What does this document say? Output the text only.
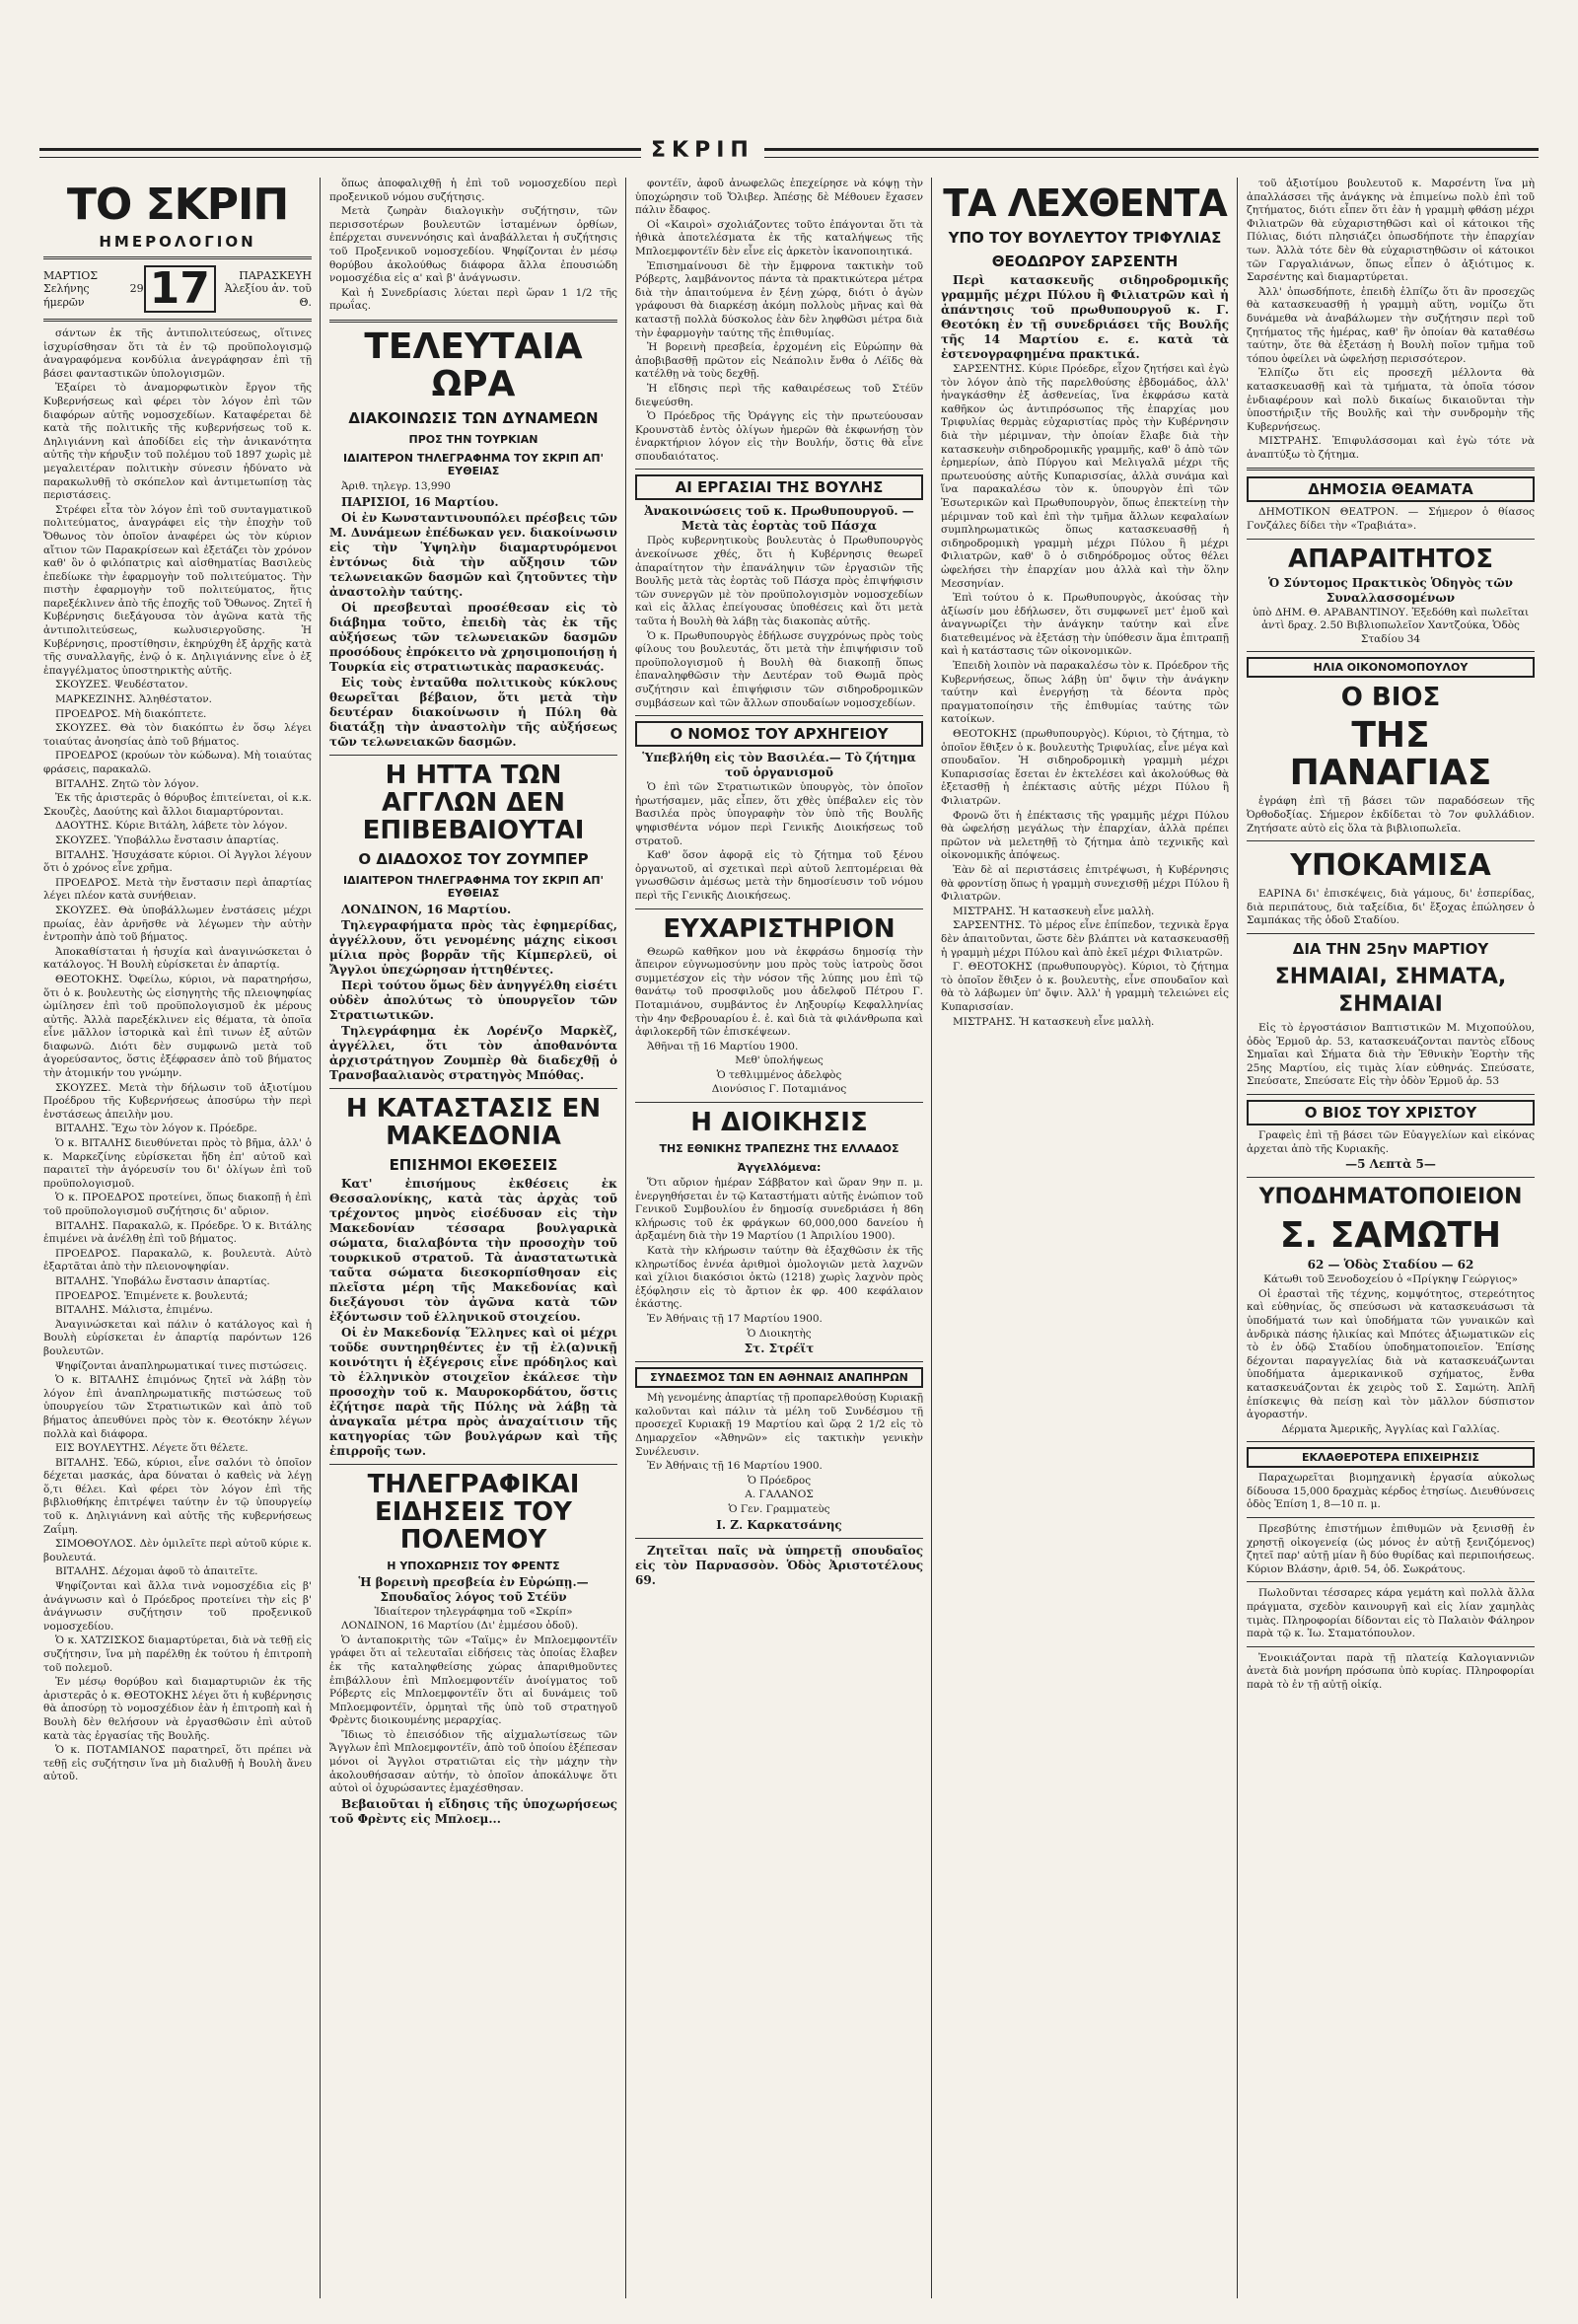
ΣΚΡΙΠ
ΤΟ ΣΚΡΙΠ
ΗΜΕΡΟΛΟΓΙΟΝ
ΜΑΡΤΙΟΣ
Σελήνης 29 ήμερῶν	17	ΠΑΡΑΣΚΕΥΗ
Ἀλεξίου ἀν. τοῦ Θ.

σάντων ἐκ τῆς ἀντιπολιτεύσεως, οἵτινες ἰσχυρίσθησαν ὅτι τὰ ἐν τῷ προϋπολογισμῷ ἀναγραφόμενα κονδύλια ἀνεγράφησαν ἐπὶ τῇ βάσει φανταστικῶν ὑπολογισμῶν.

Ἐξαίρει τὸ ἀναμορφωτικὸν ἔργον τῆς Κυβερνήσεως καὶ φέρει τὸν λόγον ἐπὶ τῶν διαφόρων αὐτῆς νομοσχεδίων. Καταφέρεται δὲ κατὰ τῆς πολιτικῆς τῆς κυβερνήσεως τοῦ κ. Δηλιγιάννη καὶ ἀποδίδει εἰς τὴν ἀνικανότητα αὐτῆς τὴν κήρυξιν τοῦ πολέμου τοῦ 1897 χωρὶς μὲ μεγαλειτέραν πολιτικὴν σύνεσιν ἠδύνατο νὰ παρακωλυθῇ τὸ σκόπελον καὶ ἀντιμετωπίσῃ τὰς περιστάσεις.

Στρέφει εἶτα τὸν λόγον ἐπὶ τοῦ συνταγματικοῦ πολιτεύματος, ἀναγράφει εἰς τὴν ἐποχὴν τοῦ Ὄθωνος τὸν ὁποῖον ἀναφέρει ὡς τὸν κύριον αἴτιον τῶν Παρακρίσεων καὶ ἐξετάζει τὸν χρόνον καθ' ὃν ὁ φιλόπατρις καὶ αἰσθηματίας Βασιλεὺς ἐπεδίωκε τὴν ἐφαρμογὴν τοῦ πολιτεύματος. Τὴν πιστὴν ἐφαρμογὴν τοῦ πολιτεύματος, ἥτις παρεξέκλινεν ἀπὸ τῆς ἐποχῆς τοῦ Ὄθωνος. Ζητεῖ ἡ Κυβέρνησις διεξάγουσα τὸν ἀγῶνα κατὰ τῆς ἀντιπολιτεύσεως, κωλυσιεργοῦσης. Ἡ Κυβέρνησις, προστίθησιν, ἐκηρύχθη ἐξ ἀρχῆς κατὰ τῆς συναλλαγῆς, ἐνῷ ὁ κ. Δηλιγιάννης εἶνε ὁ ἐξ ἐπαγγέλματος ὑποστηρικτὴς αὐτῆς.

ΣΚΟΥΖΕΣ. Ψευδέστατον.

ΜΑΡΚΕΖΙΝΗΣ. Ἀληθέστατον.

ΠΡΟΕΔΡΟΣ. Μὴ διακόπτετε.

ΣΚΟΥΖΕΣ. Θὰ τὸν διακόπτω ἐν ὅσῳ λέγει τοιαύτας ἀνοησίας ἀπὸ τοῦ βήματος.

ΠΡΟΕΔΡΟΣ (κρούων τὸν κώδωνα). Μὴ τοιαύτας φράσεις, παρακαλῶ.

ΒΙΤΑΛΗΣ. Ζητῶ τὸν λόγον.

Ἐκ τῆς ἀριστερᾶς ὁ θόρυβος ἐπιτείνεται, οἱ κ.κ. Σκουζὲς, Δαούτης καὶ ἄλλοι διαμαρτύρονται.

ΔΑΟΥΤΗΣ. Κύριε Βιτάλη, λάβετε τὸν λόγον.

ΣΚΟΥΖΕΣ. Ὑποβάλλω ἔνστασιν ἀπαρτίας.

ΒΙΤΑΛΗΣ. Ἡσυχάσατε κύριοι. Οἱ Ἀγγλοι λέγουν ὅτι ὁ χρόνος εἶνε χρῆμα.

ΠΡΟΕΔΡΟΣ. Μετὰ τὴν ἔνστασιν περὶ ἀπαρτίας λέγει πλέον κατὰ συνήθειαν.

ΣΚΟΥΖΕΣ. Θὰ ὑποβάλλωμεν ἐνστάσεις μέχρι πρωίας, ἐὰν ἀρνῆσθε νὰ λέγωμεν τὴν αὐτὴν ἐντροπὴν ἀπὸ τοῦ βήματος.

Ἀποκαθίσταται ἡ ἡσυχία καὶ ἀναγινώσκεται ὁ κατάλογος. Ἡ Βουλὴ εὑρίσκεται ἐν ἀπαρτίᾳ.

ΘΕΟΤΟΚΗΣ. Ὀφείλω, κύριοι, νὰ παρατηρήσω, ὅτι ὁ κ. βουλευτὴς ὡς εἰσηγητὴς τῆς πλειοψηφίας ὡμίλησεν ἐπὶ τοῦ προϋπολογισμοῦ ἐκ μέρους αὐτῆς. Ἀλλὰ παρεξέκλινεν εἰς θέματα, τὰ ὁποῖα εἶνε μᾶλλον ἱστορικὰ καὶ ἐπὶ τινων ἐξ αὐτῶν διαφωνῶ. Διότι δὲν συμφωνῶ μετὰ τοῦ ἀγορεύσαντος, ὅστις ἐξέφρασεν ἀπὸ τοῦ βήματος τὴν ἀτομικήν του γνώμην.

ΣΚΟΥΖΕΣ. Μετὰ τὴν δήλωσιν τοῦ ἀξιοτίμου Προέδρου τῆς Κυβερνήσεως ἀποσύρω τὴν περὶ ἐνστάσεως ἀπειλὴν μου.

ΒΙΤΑΛΗΣ. Ἔχω τὸν λόγον κ. Πρόεδρε.

Ὁ κ. ΒΙΤΑΛΗΣ διευθύνεται πρὸς τὸ βῆμα, ἀλλ' ὁ κ. Μαρκεζίνης εὑρίσκεται ἤδη ἐπ' αὐτοῦ καὶ παραιτεῖ τὴν ἀγόρευσίν του δι' ὀλίγων ἐπὶ τοῦ προϋπολογισμοῦ.

Ὁ κ. ΠΡΟΕΔΡΟΣ προτείνει, ὅπως διακοπῇ ἡ ἐπὶ τοῦ προϋπολογισμοῦ συζήτησις δι' αὔριον.

ΒΙΤΑΛΗΣ. Παρακαλῶ, κ. Πρόεδρε. Ὁ κ. Βιτάλης ἐπιμένει νὰ ἀνέλθῃ ἐπὶ τοῦ βήματος.

ΠΡΟΕΔΡΟΣ. Παρακαλῶ, κ. βουλευτὰ. Αὐτὸ ἐξαρτᾶται ἀπὸ τὴν πλειονοψηφίαν.

ΒΙΤΑΛΗΣ. Ὑποβάλω ἔνστασιν ἀπαρτίας.

ΠΡΟΕΔΡΟΣ. Ἐπιμένετε κ. βουλευτά;

ΒΙΤΑΛΗΣ. Μάλιστα, ἐπιμένω.

Ἀναγινώσκεται καὶ πάλιν ὁ κατάλογος καὶ ἡ Βουλὴ εὑρίσκεται ἐν ἀπαρτίᾳ παρόντων 126 βουλευτῶν.

Ψηφίζονται ἀναπληρωματικαί τινες πιστώσεις.

Ὁ κ. ΒΙΤΑΛΗΣ ἐπιμόνως ζητεῖ νὰ λάβῃ τὸν λόγον ἐπὶ ἀναπληρωματικῆς πιστώσεως τοῦ ὑπουργείου τῶν Στρατιωτικῶν καὶ ἀπὸ τοῦ βήματος ἀπευθύνει πρὸς τὸν κ. Θεοτόκην λέγων πολλὰ καὶ διάφορα.

ΕΙΣ ΒΟΥΛΕΥΤΗΣ. Λέγετε ὅτι θέλετε.

ΒΙΤΑΛΗΣ. Ἐδῶ, κύριοι, εἶνε σαλόνι τὸ ὁποῖον δέχεται μασκάς, ἀρα δύναται ὁ καθεὶς νὰ λέγῃ ὅ,τι θέλει. Καὶ φέρει τὸν λόγον ἐπὶ τῆς βιβλιοθήκης ἐπιτρέψει ταύτην ἐν τῷ ὑπουργείῳ τοῦ κ. Δηλιγιάννη καὶ αὐτῆς τῆς κυβερνήσεως Ζαΐμη.

ΣΙΜΟΘΟΥΛΟΣ. Δὲν ὁμιλεῖτε περὶ αὐτοῦ κύριε κ. βουλευτά.

ΒΙΤΑΛΗΣ. Δέχομαι ἀφοῦ τὸ ἀπαιτεῖτε.

Ψηφίζονται καὶ ἄλλα τινὰ νομοσχέδια εἰς β' ἀνάγνωσιν καὶ ὁ Πρόεδρος προτείνει τὴν εἰς β' ἀνάγνωσιν συζήτησιν τοῦ προξενικοῦ νομοσχεδίου.

Ὁ κ. ΧΑΤΖΙΣΚΟΣ διαμαρτύρεται, διὰ νὰ τεθῇ εἰς συζήτησιν, ἵνα μὴ παρέλθῃ ἐκ τούτου ἡ ἐπιτροπὴ τοῦ πολεμοῦ.

Ἐν μέσῳ θορύβου καὶ διαμαρτυριῶν ἐκ τῆς ἀριστερᾶς ὁ κ. ΘΕΟΤΟΚΗΣ λέγει ὅτι ἡ κυβέρνησις θὰ ἀποσύρῃ τὸ νομοσχέδιον ἐὰν ἡ ἐπιτροπὴ καὶ ἡ Βουλὴ δὲν θελήσουν νὰ ἐργασθῶσιν ἐπὶ αὐτοῦ κατὰ τὰς ἐργασίας τῆς Βουλῆς.

Ὁ κ. ΠΟΤΑΜΙΑΝΟΣ παρατηρεῖ, ὅτι πρέπει νὰ τεθῇ εἰς συζήτησιν ἵνα μὴ διαλυθῇ ἡ Βουλὴ ἄνευ αὐτοῦ.

ὅπως ἀποφαλιχθῇ ἡ ἐπὶ τοῦ νομοσχεδίου περὶ προξενικοῦ νόμου συζήτησις.

Μετὰ ζωηρὰν διαλογικὴν συζήτησιν, τῶν περισσοτέρων βουλευτῶν ἱσταμένων ὀρθίων, ἐπέρχεται συνεννόησις καὶ ἀναβάλλεται ἡ συζήτησις τοῦ Προξενικοῦ νομοσχεδίου. Ψηφίζονται ἐν μέσῳ θορύβου ἀκολούθως διάφορα ἄλλα ἐπουσιώδη νομοσχέδια εἰς α' καὶ β' ἀνάγνωσιν.

Καὶ ἡ Συνεδρίασις λύεται περὶ ὥραν 1 1/2 τῆς πρωΐας.

ΤΕΛΕΥΤΑΙΑ ΩΡΑ
ΔΙΑΚΟΙΝΩΣΙΣ ΤΩΝ ΔΥΝΑΜΕΩΝ
ΠΡΟΣ ΤΗΝ ΤΟΥΡΚΙΑΝ
ΙΔΙΑΙΤΕΡΟΝ ΤΗΛΕΓΡΑΦΗΜΑ ΤΟΥ ΣΚΡΙΠ ΑΠ' ΕΥΘΕΙΑΣ

Ἀριθ. τηλεγρ. 13,990

ΠΑΡΙΣΙΟΙ, 16 Μαρτίου.

Οἱ ἐν Κωνσταντινουπόλει πρέσβεις τῶν Μ. Δυνάμεων ἐπέδωκαν γεν. διακοίνωσιν εἰς τὴν Ὑψηλὴν διαμαρτυρόμενοι ἐντόνως διὰ τὴν αὔξησιν τῶν τελωνειακῶν δασμῶν καὶ ζητοῦντες τὴν ἀναστολὴν ταύτης.

Οἱ πρεσβευταὶ προσέθεσαν εἰς τὸ διάβημα τοῦτο, ἐπειδὴ τὰς ἐκ τῆς αὐξήσεως τῶν τελωνειακῶν δασμῶν προσόδους ἐπρόκειτο νὰ χρησιμοποιήσῃ ἡ Τουρκία εἰς στρατιωτικὰς παρασκευάς.

Εἰς τοὺς ἐνταῦθα πολιτικοὺς κύκλους θεωρεῖται βέβαιον, ὅτι μετὰ τὴν δευτέραν διακοίνωσιν ἡ Πύλη θὰ διατάξῃ τὴν ἀναστολὴν τῆς αὐξήσεως τῶν τελωνειακῶν δασμῶν.

Η ΗΤΤΑ ΤΩΝ ΑΓΓΛΩΝ ΔΕΝ ΕΠΙΒΕΒΑΙΟΥΤΑΙ
Ο ΔΙΑΔΟΧΟΣ ΤΟΥ ΖΟΥΜΠΕΡ
ΙΔΙΑΙΤΕΡΟΝ ΤΗΛΕΓΡΑΦΗΜΑ ΤΟΥ ΣΚΡΙΠ ΑΠ' ΕΥΘΕΙΑΣ

ΛΟΝΔΙΝΟΝ, 16 Μαρτίου.

Τηλεγραφήματα πρὸς τὰς ἐφημερίδας, ἀγγέλλουν, ὅτι γενομένης μάχης εἰκοσι μίλια πρὸς βορρᾶν τῆς Κίμπερλεϋ, οἱ Ἄγγλοι ὑπεχώρησαν ἡττηθέντες.

Περὶ τούτου ὅμως δὲν ἀνηγγέλθη εἰσέτι οὐδὲν ἀπολύτως τὸ ὑπουργεῖον τῶν Στρατιωτικῶν.

Τηλεγράφημα ἐκ Λορένζο Μαρκὲζ, ἀγγέλλει, ὅτι τὸν ἀποθανόντα ἀρχιστράτηγον Ζουμπὲρ θὰ διαδεχθῇ ὁ Τρανσβααλιανὸς στρατηγὸς Μπόθας.

Η ΚΑΤΑΣΤΑΣΙΣ ΕΝ ΜΑΚΕΔΟΝΙΑ
ΕΠΙΣΗΜΟΙ ΕΚΘΕΣΕΙΣ

Κατ' ἐπισήμους ἐκθέσεις ἐκ Θεσσαλονίκης, κατὰ τὰς ἀρχὰς τοῦ τρέχοντος μηνὸς εἰσέδυσαν εἰς τὴν Μακεδονίαν τέσσαρα βουλγαρικὰ σώματα, διαλαβόντα τὴν προσοχὴν τοῦ τουρκικοῦ στρατοῦ. Τὰ ἀναστατωτικὰ ταῦτα σώματα διεσκορπίσθησαν εἰς πλεῖστα μέρη τῆς Μακεδονίας καὶ διεξάγουσι τὸν ἀγῶνα κατὰ τῶν ἐξόντωσιν τοῦ ἑλληνικοῦ στοιχείου.

Οἱ ἐν Μακεδονίᾳ Ἕλληνες καὶ οἱ μέχρι τοῦδε συντηρηθέντες ἐν τῇ ἐλ(α)νικῇ κοινότητι ἡ ἐξέγερσις εἶνε πρόδηλος καὶ τὸ ἑλληνικὸν στοιχεῖον ἐκάλεσε τὴν προσοχὴν τοῦ κ. Μαυροκορδάτου, ὅστις ἐζήτησε παρὰ τῆς Πύλης νὰ λάβῃ τὰ ἀναγκαῖα μέτρα πρὸς ἀναχαίτισιν τῆς κατηγορίας τῶν βουλγάρων καὶ τῆς ἐπιρροῆς των.

ΤΗΛΕΓΡΑΦΙΚΑΙ ΕΙΔΗΣΕΙΣ ΤΟΥ ΠΟΛΕΜΟΥ
Η ΥΠΟΧΩΡΗΣΙΣ ΤΟΥ ΦΡΕΝΤΣ

Ἡ βορεινὴ πρεσβεία ἐν Εὐρώπῃ.—Σπουδαῖος λόγος τοῦ Στέϋν

Ἰδιαίτερον τηλεγράφημα τοῦ «Σκρίπ»

ΛΟΝΔΙΝΟΝ, 16 Μαρτίου (Δι' ἐμμέσου ὁδοῦ).

Ὁ ἀνταποκριτὴς τῶν «Ταϊμς» ἐν Μπλοεμφοντέϊν γράφει ὅτι αἱ τελευταῖαι εἰδήσεις τὰς ὁποίας ἔλαβεν ἐκ τῆς καταληφθείσης χώρας ἀπαριθμοῦντες ἐπιβάλλουν ἐπὶ Μπλοεμφοντέϊν ἀνοίγματος τοῦ Ρόβερτς εἰς Μπλοεμφοντέϊν ὅτι αἱ δυνάμεις τοῦ Μπλοεμφοντέϊν, ὁρμηταὶ τῆς ὑπὸ τοῦ στρατηγοῦ Φρὲντς διοικουμένης μεραρχίας.

Ἴδιως τὸ ἐπεισόδιον τῆς αἰχμαλωτίσεως τῶν Ἄγγλων ἐπὶ Μπλοεμφοντέϊν, ἀπὸ τοῦ ὁποίου ἐξέπεσαν μόνοι οἱ Ἄγγλοι στρατιῶται εἰς τὴν μάχην τὴν ἀκολουθήσασαν αὐτήν, τὸ ὁποῖον ἀποκάλυψε ὅτι αὐτοὶ οἱ ὀχυρώσαντες ἐμαχέσθησαν.

Βεβαιοῦται ἡ εἴδησις τῆς ὑποχωρήσεως τοῦ Φρὲντς εἰς Μπλοεμ...

φοντέϊν, ἀφοῦ ἀνωφελῶς ἐπεχείρησε νὰ κόψῃ τὴν ὑποχώρησιν τοῦ Ὄλιβερ. Ἀπέσῃς δὲ Μέθουεν ἔχασεν πάλιν ἔδαφος.

Οἱ «Καιροὶ» σχολιάζοντες τοῦτο ἐπάγονται ὅτι τὰ ἠθικὰ ἀποτελέσματα ἐκ τῆς καταλήψεως τῆς Μπλοεμφοντέϊν δὲν εἶνε εἰς ἀρκετὸν ἱκανοποιητικά.

Ἐπισημαίνουσι δὲ τὴν ἔμφρονα τακτικὴν τοῦ Ρόβερτς, λαμβάνοντος πάντα τὰ πρακτικώτερα μέτρα διὰ τὴν ἀπαιτούμενα ἐν ξένῃ χώρᾳ, διότι ὁ ἀγὼν γράφουσι θὰ διαρκέσῃ ἀκόμη πολλοὺς μῆνας καὶ θὰ καταστῇ πολλὰ δύσκολος ἐὰν δὲν ληφθῶσι μέτρα διὰ τὴν ἐφαρμογὴν ταύτης τῆς ἐπιθυμίας.

Ἡ βορεινὴ πρεσβεία, ἐρχομένη εἰς Εὐρώπην θὰ ἀποβιβασθῇ πρῶτον εἰς Νεάπολιν ἔνθα ὁ Λέϊδς θὰ κατέλθῃ νὰ τοὺς δεχθῇ.

Ἡ εἴδησις περὶ τῆς καθαιρέσεως τοῦ Στέϋν διεψεύσθη.

Ὁ Πρόεδρος τῆς Ὀράγγης εἰς τὴν πρωτεύουσαν Κρουνστὰδ ἐντὸς ὀλίγων ἡμερῶν θὰ ἐκφωνήσῃ τὸν ἐναρκτήριον λόγον εἰς τὴν Βουλήν, ὅστις θὰ εἶνε σπουδαιότατος.

ΑΙ ΕΡΓΑΣΙΑΙ ΤΗΣ ΒΟΥΛΗΣ

Ἀνακοινώσεις τοῦ κ. Πρωθυπουργοῦ. — Μετὰ τὰς ἑορτὰς τοῦ Πάσχα

Πρὸς κυβερνητικοὺς βουλευτὰς ὁ Πρωθυπουργὸς ἀνεκοίνωσε χθές, ὅτι ἡ Κυβέρνησις θεωρεῖ ἀπαραίτητον τὴν ἐπανάληψιν τῶν ἐργασιῶν τῆς Βουλῆς μετὰ τὰς ἑορτὰς τοῦ Πάσχα πρὸς ἐπιψήφισιν τῶν συνεργῶν μὲ τὸν προϋπολογισμὸν νομοσχεδίων καὶ εἰς ἄλλας ἐπείγουσας ὑποθέσεις καὶ ὅτι μετὰ ταῦτα ἡ Βουλὴ θὰ λάβῃ τὰς διακοπὰς αὐτῆς.

Ὁ κ. Πρωθυπουργὸς ἐδήλωσε συγχρόνως πρὸς τοὺς φίλους του βουλευτάς, ὅτι μετὰ τὴν ἐπιψήφισιν τοῦ προϋπολογισμοῦ ἡ Βουλὴ θὰ διακοπῇ ὅπως ἐπαναληφθῶσιν τὴν Δευτέραν τοῦ Θωμᾶ πρὸς συζήτησιν καὶ ἐπιψήφισιν τῶν σιδηροδρομικῶν συμβάσεων καὶ τῶν ἄλλων σπουδαίων νομοσχεδίων.

Ο ΝΟΜΟΣ ΤΟΥ ΑΡΧΗΓΕΙΟΥ

Ὑπεβλήθη εἰς τὸν Βασιλέα.— Τὸ ζήτημα τοῦ ὀργανισμοῦ

Ὁ ἐπὶ τῶν Στρατιωτικῶν ὑπουργὸς, τὸν ὁποῖον ἠρωτήσαμεν, μᾶς εἶπεν, ὅτι χθὲς ὑπέβαλεν εἰς τὸν Βασιλέα πρὸς ὑπογραφὴν τὸν ὑπὸ τῆς Βουλῆς ψηφισθέντα νόμον περὶ Γενικῆς Διοικήσεως τοῦ στρατοῦ.

Καθ' ὅσον ἀφορᾷ εἰς τὸ ζήτημα τοῦ ξένου ὀργανωτοῦ, αἱ σχετικαὶ περὶ αὐτοῦ λεπτομέρειαι θὰ γνωσθῶσιν ἀμέσως μετὰ τὴν δημοσίευσιν τοῦ νόμου περὶ τῆς Γενικῆς Διοικήσεως.

ΕΥΧΑΡΙΣΤΗΡΙΟΝ

Θεωρῶ καθῆκον μου νὰ ἐκφράσω δημοσίᾳ τὴν ἄπειρον εὐγνωμοσύνην μου πρὸς τοὺς ἰατροὺς ὅσοι συμμετέσχον εἰς τὴν νόσον τῆς λύπης μου ἐπὶ τῷ θανάτῳ τοῦ προσφιλοῦς μου ἀδελφοῦ Πέτρου Γ. Ποταμιάνου, συμβάντος ἐν Ληξουρίῳ Κεφαλληνίας τὴν 4ην Φεβρουαρίου ἐ. ἐ. καὶ διὰ τὰ φιλάνθρωπα καὶ ἀφιλοκερδῆ τῶν ἐπισκέψεων.

Ἀθῆναι τῇ 16 Μαρτίου 1900.

Μεθ' ὑπολήψεως

Ὁ τεθλιμμένος ἀδελφὸς

Διονύσιος Γ. Ποταμιάνος

Η ΔΙΟΙΚΗΣΙΣ
ΤΗΣ ΕΘΝΙΚΗΣ ΤΡΑΠΕΖΗΣ ΤΗΣ ΕΛΛΑΔΟΣ
Ἀγγελλόμενα:

Ὅτι αὔριον ἡμέραν Σάββατον καὶ ὥραν 9ην π. μ. ἐνεργηθήσεται ἐν τῷ Καταστήματι αὐτῆς ἐνώπιον τοῦ Γενικοῦ Συμβουλίου ἐν δημοσίᾳ συνεδριάσει ἡ 86η κλήρωσις τοῦ ἐκ φράγκων 60,000,000 δανείου ἡ ἀρξαμένη διὰ τὴν 19 Μαρτίου (1 Ἀπριλίου 1900).

Κατὰ τὴν κλήρωσιν ταύτην θὰ ἐξαχθῶσιν ἐκ τῆς κληρωτίδος ἐννέα ἀριθμοὶ ὁμολογιῶν μετὰ λαχνῶν καὶ χίλιοι διακόσιοι ὀκτὼ (1218) χωρὶς λαχνὸν πρὸς ἐξόφλησιν εἰς τὸ ἄρτιον ἐκ φρ. 400 κεφάλαιον ἑκάστης.

Ἐν Ἀθήναις τῇ 17 Μαρτίου 1900.

Ὁ Διοικητὴς

Στ. Στρέϊτ

ΣΥΝΔΕΣΜΟΣ ΤΩΝ ΕΝ ΑΘΗΝΑΙΣ ΑΝΑΠΗΡΩΝ

Μὴ γενομένης ἀπαρτίας τῇ προπαρελθούσῃ Κυριακῇ καλοῦνται καὶ πάλιν τὰ μέλη τοῦ Συνδέσμου τῇ προσεχεῖ Κυριακῇ 19 Μαρτίου καὶ ὥρᾳ 2 1/2 εἰς τὸ Δημαρχεῖον «Ἀθηνῶν» εἰς τακτικὴν γενικὴν Συνέλευσιν.

Ἐν Ἀθήναις τῇ 16 Μαρτίου 1900.

Ὁ Πρόεδρος

Α. ΓΑΛΑΝΟΣ

Ὁ Γεν. Γραμματεὺς

Ι. Ζ. Καρκατσάνης

Ζητεῖται παῖς νὰ ὑπηρετῇ σπουδαῖος εἰς τὸν Παρνασσὸν. Ὁδὸς Ἀριστοτέλους 69.

ΤΑ ΛΕΧΘΕΝΤΑ
ΥΠΟ ΤΟΥ ΒΟΥΛΕΥΤΟΥ ΤΡΙΦΥΛΙΑΣ
ΘΕΟΔΩΡΟΥ ΣΑΡΣΕΝΤΗ

Περὶ κατασκευῆς σιδηροδρομικῆς γραμμῆς μέχρι Πύλου ἢ Φιλιατρῶν καὶ ἡ ἀπάντησις τοῦ πρωθυπουργοῦ κ. Γ. Θεοτόκη ἐν τῇ συνεδριάσει τῆς Βουλῆς τῆς 14 Μαρτίου ε. ε. κατὰ τὰ ἐστενογραφημένα πρακτικά.

ΣΑΡΣΕΝΤΗΣ. Κύριε Πρόεδρε, εἶχον ζητήσει καὶ ἐγὼ τὸν λόγον ἀπὸ τῆς παρελθούσης ἑβδομάδος, ἀλλ' ἠναγκάσθην ἐξ ἀσθενείας, ἵνα ἐκφράσω κατὰ καθῆκον ὡς ἀντιπρόσωπος τῆς ἐπαρχίας μου Τριφυλίας θερμὰς εὐχαριστίας πρὸς τὴν Κυβέρνησιν διὰ τὴν μέριμναν, τὴν ὁποίαν ἔλαβε διὰ τὴν κατασκευὴν σιδηροδρομικῆς γραμμῆς, καθ' ὃ ἀπὸ τῶν ἐρημερίων, ἀπὸ Πύργου καὶ Μελιγαλᾶ μέχρι τῆς πρωτευούσης αὐτῆς Κυπαρισσίας, ἀλλὰ συνάμα καὶ ἵνα παρακαλέσω τὸν κ. ὑπουργὸν ἐπὶ τῶν Ἐσωτερικῶν καὶ Πρωθυπουργὸν, ὅπως ἐπεκτείνῃ τὴν μέριμναν τοῦ καὶ ἐπὶ τὴν τμῆμα ἄλλων κεφαλαίων συμπληρωματικῶς ὅπως κατασκευασθῇ ἡ σιδηροδρομικὴ γραμμὴ μέχρι Πύλου ἢ μέχρι Φιλιατρῶν, καθ' ὃ ὁ σιδηρόδρομος οὗτος θέλει ὠφελήσει τὴν ἐπαρχίαν μου ἀλλὰ καὶ τὴν ὅλην Μεσσηνίαν.

Ἐπὶ τούτου ὁ κ. Πρωθυπουργὸς, ἀκούσας τὴν ἀξίωσίν μου ἐδήλωσεν, ὅτι συμφωνεῖ μετ' ἐμοῦ καὶ ἀναγνωρίζει τὴν ἀνάγκην ταύτην καὶ εἶνε διατεθειμένος νὰ ἐξετάσῃ τὴν ὑπόθεσιν ἅμα ἐπιτραπῇ καὶ ἡ κατάστασις τῶν οἰκονομικῶν.

Ἐπειδὴ λοιπὸν νὰ παρακαλέσω τὸν κ. Πρόεδρον τῆς Κυβερνήσεως, ὅπως λάβῃ ὑπ' ὄψιν τὴν ἀνάγκην ταύτην καὶ ἐνεργήσῃ τὰ δέοντα πρὸς πραγματοποίησιν τῆς ἐπιθυμίας ταύτης τῶν κατοίκων.

ΘΕΟΤΟΚΗΣ (πρωθυπουργὸς). Κύριοι, τὸ ζήτημα, τὸ ὁποῖον ἔθιξεν ὁ κ. βουλευτὴς Τριφυλίας, εἶνε μέγα καὶ σπουδαῖον. Ἡ σιδηροδρομικὴ γραμμὴ μέχρι Κυπαρισσίας ἔσεται ἐν ἐκτελέσει καὶ ἀκολούθως θὰ ἐξετασθῇ ἡ ἐπέκτασις αὐτῆς μέχρι Πύλου ἢ Φιλιατρῶν.

Φρονῶ ὅτι ἡ ἐπέκτασις τῆς γραμμῆς μέχρι Πύλου θὰ ὠφελήσῃ μεγάλως τὴν ἐπαρχίαν, ἀλλὰ πρέπει πρῶτον νὰ μελετηθῇ τὸ ζήτημα ἀπὸ τεχνικῆς καὶ οἰκονομικῆς ἀπόψεως.

Ἐὰν δὲ αἱ περιστάσεις ἐπιτρέψωσι, ἡ Κυβέρνησις θὰ φροντίσῃ ὅπως ἡ γραμμὴ συνεχισθῇ μέχρι Πύλου ἢ Φιλιατρῶν.

ΜΙΣΤΡΑΗΣ. Ἡ κατασκευὴ εἶνε μαλλὴ.

ΣΑΡΣΕΝΤΗΣ. Τὸ μέρος εἶνε ἐπίπεδον, τεχνικὰ ἔργα δὲν ἀπαιτοῦνται, ὥστε δὲν βλάπτει νὰ κατασκευασθῇ ἡ γραμμὴ μέχρι Πύλου καὶ ἀπὸ ἐκεῖ μέχρι Φιλιατρῶν.

Γ. ΘΕΟΤΟΚΗΣ (πρωθυπουργὸς). Κύριοι, τὸ ζήτημα τὸ ὁποῖον ἔθιξεν ὁ κ. βουλευτὴς, εἶνε σπουδαῖον καὶ θὰ τὸ λάβωμεν ὑπ' ὄψιν. Ἀλλ' ἡ γραμμὴ τελειώνει εἰς Κυπαρισσίαν.

ΜΙΣΤΡΑΗΣ. Ἡ κατασκευὴ εἶνε μαλλὴ.

τοῦ ἀξιοτίμου βουλευτοῦ κ. Μαρσέντη ἵνα μὴ ἀπαλλάσσει τῆς ἀνάγκης νὰ ἐπιμείνω πολὺ ἐπὶ τοῦ ζητήματος, διότι εἶπεν ὅτι ἐὰν ἡ γραμμὴ φθάσῃ μέχρι Φιλιατρῶν θὰ εὐχαριστηθῶσι καὶ οἱ κάτοικοι τῆς Πύλιας, διότι πλησιάζει ὁπωσδήποτε τὴν ἐπαρχίαν των. Ἀλλὰ τότε δὲν θὰ εὐχαριστηθῶσιν οἱ κάτοικοι τῶν Γαργαλιάνων, ὅπως εἶπεν ὁ ἀξιότιμος κ. Σαρσέντης καὶ διαμαρτύρεται.

Ἀλλ' ὁπωσδήποτε, ἐπειδὴ ἐλπίζω ὅτι ἂν προσεχῶς θὰ κατασκευασθῇ ἡ γραμμὴ αὕτη, νομίζω ὅτι δυνάμεθα νὰ ἀναβάλωμεν τὴν συζήτησιν περὶ τοῦ ζητήματος τῆς ἡμέρας, καθ' ἣν ὁποίαν θὰ καταθέσω ταύτην, ὅτε θὰ ἐξετάσῃ ἡ Βουλὴ ποῖον τμῆμα τοῦ τόπου ὀφείλει νὰ ὠφελήσῃ περισσότερον.

Ἐλπίζω ὅτι εἰς προσεχῆ μέλλοντα θὰ κατασκευασθῇ καὶ τὰ τμήματα, τὰ ὁποῖα τόσον ἐνδιαφέρουν καὶ πολὺ δικαίως δικαιοῦνται τὴν ὑποστήριξιν τῆς Βουλῆς καὶ τὴν συνδρομὴν τῆς Κυβερνήσεως.

ΜΙΣΤΡΑΗΣ. Ἐπιφυλάσσομαι καὶ ἐγὼ τότε νὰ ἀναπτύξω τὸ ζήτημα.

ΔΗΜΟΣΙΑ ΘΕΑΜΑΤΑ

ΔΗΜΟΤΙΚΟΝ ΘΕΑΤΡΟΝ. — Σήμερον ὁ θίασος Γονζάλες δίδει τὴν «Τραβιάτα».

ΑΠΑΡΑΙΤΗΤΟΣ

Ὁ Σύντομος Πρακτικὸς Ὁδηγὸς τῶν Συναλλασσομένων

ὑπὸ ΔΗΜ. Θ. ΑΡΑΒΑΝΤΙΝΟΥ. Ἐξεδόθη καὶ πωλεῖται ἀντὶ δραχ. 2.50 Βιβλιοπωλεῖον Χαντζούκα, Ὁδὸς Σταδίου 34

ΗΛΙΑ ΟΙΚΟΝΟΜΟΠΟΥΛΟΥ
Ο ΒΙΟΣ
ΤΗΣ ΠΑΝΑΓΙΑΣ

ἐγράφη ἐπὶ τῇ βάσει τῶν παραδόσεων τῆς Ὀρθοδοξίας. Σήμερον ἐκδίδεται τὸ 7ον φυλλάδιον. Ζητήσατε αὐτὸ εἰς ὅλα τὰ βιβλιοπωλεῖα.

ΥΠΟΚΑΜΙΣΑ

ΕΑΡΙΝΑ δι' ἐπισκέψεις, διὰ γάμους, δι' ἑσπερίδας, διὰ περιπάτους, διὰ ταξείδια, δι' ἔξοχας ἐπώλησεν ὁ Σαμπάκας τῆς ὁδοῦ Σταδίου.

ΔΙΑ ΤΗΝ 25ην ΜΑΡΤΙΟΥ
ΣΗΜΑΙΑΙ, ΣΗΜΑΤΑ, ΣΗΜΑΙΑΙ

Εἰς τὸ ἐργοστάσιον Βαπτιστικῶν Μ. Μιχοπούλου, ὁδὸς Ἑρμοῦ ἀρ. 53, κατασκευάζονται παντὸς εἴδους Σημαῖαι καὶ Σήματα διὰ τὴν Ἐθνικὴν Ἑορτὴν τῆς 25ης Μαρτίου, εἰς τιμὰς λίαν εὐθηνάς. Σπεύσατε, Σπεύσατε, Σπεύσατε Εἰς τὴν ὁδὸν Ἑρμοῦ ἀρ. 53

Ο ΒΙΟΣ ΤΟΥ ΧΡΙΣΤΟΥ

Γραφεὶς ἐπὶ τῇ βάσει τῶν Εὐαγγελίων καὶ εἰκόνας ἀρχεται ἀπὸ τῆς Κυριακῆς.

—5 Λεπτὰ 5—

ΥΠΟΔΗΜΑΤΟΠΟΙΕΙΟΝ
Σ. ΣΑΜΩΤΗ

62 — Ὁδὸς Σταδίου — 62

Κάτωθι τοῦ Ξενοδοχείου ὁ «Πρίγκηψ Γεώργιος»

Οἱ ἐρασταὶ τῆς τέχνης, κομψότητος, στερεότητος καὶ εὐθηνίας, ὅς σπεύσωσι νὰ κατασκευάσωσι τὰ ὑποδήματά των καὶ ὑποδήματα τῶν γυναικῶν καὶ ἀνδρικὰ πάσης ἡλικίας καὶ Μπότες ἀξιωματικῶν εἰς τὸ ἐν ὁδῷ Σταδίου ὑποδηματοποιεῖον. Ἐπίσης δέχονται παραγγελίας διὰ νὰ κατασκευάζωνται ὑποδήματα ἀμερικανικοῦ σχήματος, ἔνθα κατασκευάζονται ἐκ χειρὸς τοῦ Σ. Σαμώτη. Ἀπλῆ ἐπίσκεψις θὰ πείσῃ καὶ τὸν μᾶλλον δύσπιστον ἀγοραστήν.

Δέρματα Ἀμερικῆς, Ἀγγλίας καὶ Γαλλίας.

ΕΚΛΑΘΕΡΟΤΕΡΑ ΕΠΙΧΕΙΡΗΣΙΣ

Παραχωρεῖται βιομηχανικὴ ἐργασία αὐκολως δίδουσα 15,000 δραχμὰς κέρδος ἐτησίως. Διευθύνσεις ὁδὸς Ἑπίση 1, 8—10 π. μ.

Πρεσβύτης ἐπιστήμων ἐπιθυμῶν νὰ ξενισθῇ ἐν χρηστῇ οἰκογενείᾳ (ὡς μόνος ἐν αὐτῇ ξενιζόμενος) ζητεῖ παρ' αὐτῇ μίαν ἢ δύο θυρίδας καὶ περιποιήσεως. Κύριον Βλάσην, ἀριθ. 54, ὁδ. Σωκράτους.

Πωλοῦνται τέσσαρες κάρα γεμάτη καὶ πολλὰ ἄλλα πράγματα, σχεδὸν καινουργῆ καὶ εἰς λίαν χαμηλὰς τιμὰς. Πληροφορίαι δίδονται εἰς τὸ Παλαιὸν Φάληρον παρὰ τῷ κ. Ἰω. Σταματόπουλον.

Ἐνοικιάζονται παρὰ τῇ πλατείᾳ Καλογιαννιῶν ἀνετὰ διὰ μονήρη πρόσωπα ὑπὸ κυρίας. Πληροφορίαι παρὰ τὸ ἐν τῇ αὐτῇ οἰκίᾳ.
